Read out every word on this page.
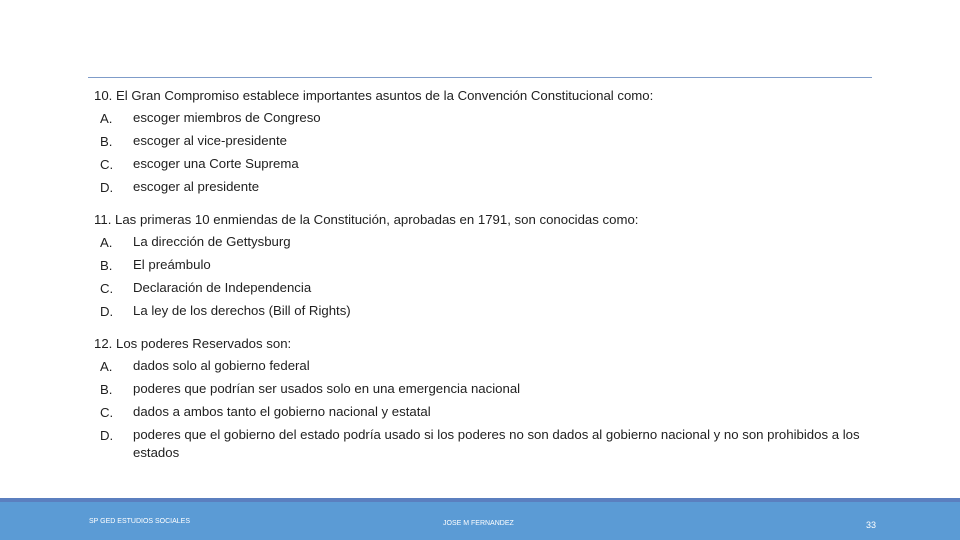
10. El Gran Compromiso establece importantes asuntos de la Convención Constitucional como:
A.	escoger miembros de Congreso
B.	escoger al vice-presidente
C.	escoger una Corte Suprema
D.	escoger al presidente
11. Las primeras 10 enmiendas de la Constitución, aprobadas en 1791, son conocidas como:
A.	La dirección de Gettysburg
B.	El preámbulo
C.	Declaración de Independencia
D.	La ley de los derechos (Bill of Rights)
12. Los poderes Reservados son:
A.	dados solo al gobierno federal
B.	poderes que podrían ser usados solo en una emergencia nacional
C.	dados a ambos tanto el gobierno nacional y estatal
D.	poderes que el gobierno del estado podría usado si los poderes no son dados al gobierno nacional y no son prohibidos a los estados
SP GED ESTUDIOS SOCIALES	JOSE M FERNANDEZ	33
